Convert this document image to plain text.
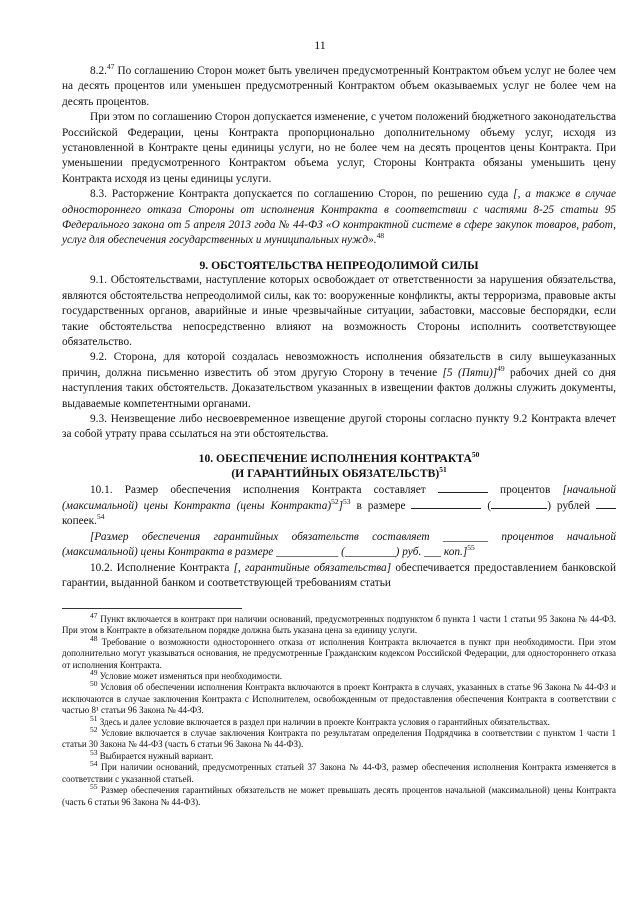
11

8.2.47 По соглашению Сторон может быть увеличен предусмотренный Контрактом объем услуг не более чем на десять процентов или уменьшен предусмотренный Контрактом объем оказываемых услуг не более чем на десять процентов.

При этом по соглашению Сторон допускается изменение, с учетом положений бюджетного законодательства Российской Федерации, цены Контракта пропорционально дополнительному объему услуг, исходя из установленной в Контракте цены единицы услуги, но не более чем на десять процентов цены Контракта. При уменьшении предусмотренного Контрактом объема услуг, Стороны Контракта обязаны уменьшить цену Контракта исходя из цены единицы услуги.

8.3. Расторжение Контракта допускается по соглашению Сторон, по решению суда [, а также в случае одностороннего отказа Стороны от исполнения Контракта в соответствии с частями 8-25 статьи 95 Федерального закона от 5 апреля 2013 года № 44-ФЗ «О контрактной системе в сфере закупок товаров, работ, услуг для обеспечения государственных и муниципальных нужд».$^{48}$

9. ОБСТОЯТЕЛЬСТВА НЕПРЕОДОЛИМОЙ СИЛЫ

9.1. Обстоятельствами, наступление которых освобождает от ответственности за нарушения обязательства, являются обстоятельства непреодолимой силы, как то: вооруженные конфликты, акты терроризма, правовые акты государственных органов, аварийные и иные чрезвычайные ситуации, забастовки, массовые беспорядки, если такие обстоятельства непосредственно влияют на возможность Стороны исполнить соответствующее обязательство.

9.2. Сторона, для которой создалась невозможность исполнения обязательств в силу вышеуказанных причин, должна письменно известить об этом другую Сторону в течение [5 (Пяти)]$^{49}$ рабочих дней со дня наступления таких обстоятельств. Доказательством указанных в извещении фактов должны служить документы, выдаваемые компетентными органами.

9.3. Неизвещение либо несвоевременное извещение другой стороны согласно пункту 9.2 Контракта влечет за собой утрату права ссылаться на эти обстоятельства.

10. ОБЕСПЕЧЕНИЕ ИСПОЛНЕНИЯ КОНТРАКТА$^{50}$
(И ГАРАНТИЙНЫХ ОБЯЗАТЕЛЬСТВ)$^{51}$

10.1. Размер обеспечения исполнения Контракта составляет	процентов [начальной (максимальной) цены Контракта (цены Контракта)$^{52}$]$^{53}$ в размере	(	) рублей  копеек.$^{54}$

[Размер обеспечения гарантийных обязательств составляет ________ процентов начальной (максимальной) цены Контракта в размере ___________ (_________) руб. ___ коп.]$^{55}$

10.2. Исполнение Контракта [, гарантийные обязательства] обеспечивается предоставлением банковской гарантии, выданной банком и соответствующей требованиям статьи

$^{47}$ Пункт включается в контракт при наличии оснований, предусмотренных подпунктом б пункта 1 части 1 статьи 95 Закона № 44-ФЗ. При этом в Контракте в обязательном порядке должна быть указана цена за единицу услуги.

$^{48}$ Требование о возможности одностороннего отказа от исполнения Контракта включается в пункт при необходимости. При этом дополнительно могут указываться основания, не предусмотренные Гражданским кодексом Российской Федерации, для одностороннего отказа от исполнения Контракта.

$^{49}$ Условие может изменяться при необходимости.

$^{50}$ Условия об обеспечении исполнения Контракта включаются в проект Контракта в случаях, указанных в статье 96 Закона № 44-ФЗ и исключаются в случае заключения Контракта с Исполнителем, освобожденным от предоставления обеспечения Контракта в соответствии с частью 8¹ статьи 96 Закона № 44-ФЗ.

$^{51}$ Здесь и далее условие включается в раздел при наличии в проекте Контракта условия о гарантийных обязательствах.

$^{52}$ Условие включается в случае заключения Контракта по результатам определения Подрядчика в соответствии с пунктом 1 части 1 статьи 30 Закона № 44-ФЗ (часть 6 статьи 96 Закона № 44-ФЗ).

$^{53}$ Выбирается нужный вариант.

$^{54}$ При наличии оснований, предусмотренных статьей 37 Закона № 44-ФЗ, размер обеспечения исполнения Контракта изменяется в соответствии с указанной статьей.

$^{55}$ Размер обеспечения гарантийных обязательств не может превышать десять процентов начальной (максимальной) цены Контракта (часть 6 статьи 96 Закона № 44-ФЗ).
